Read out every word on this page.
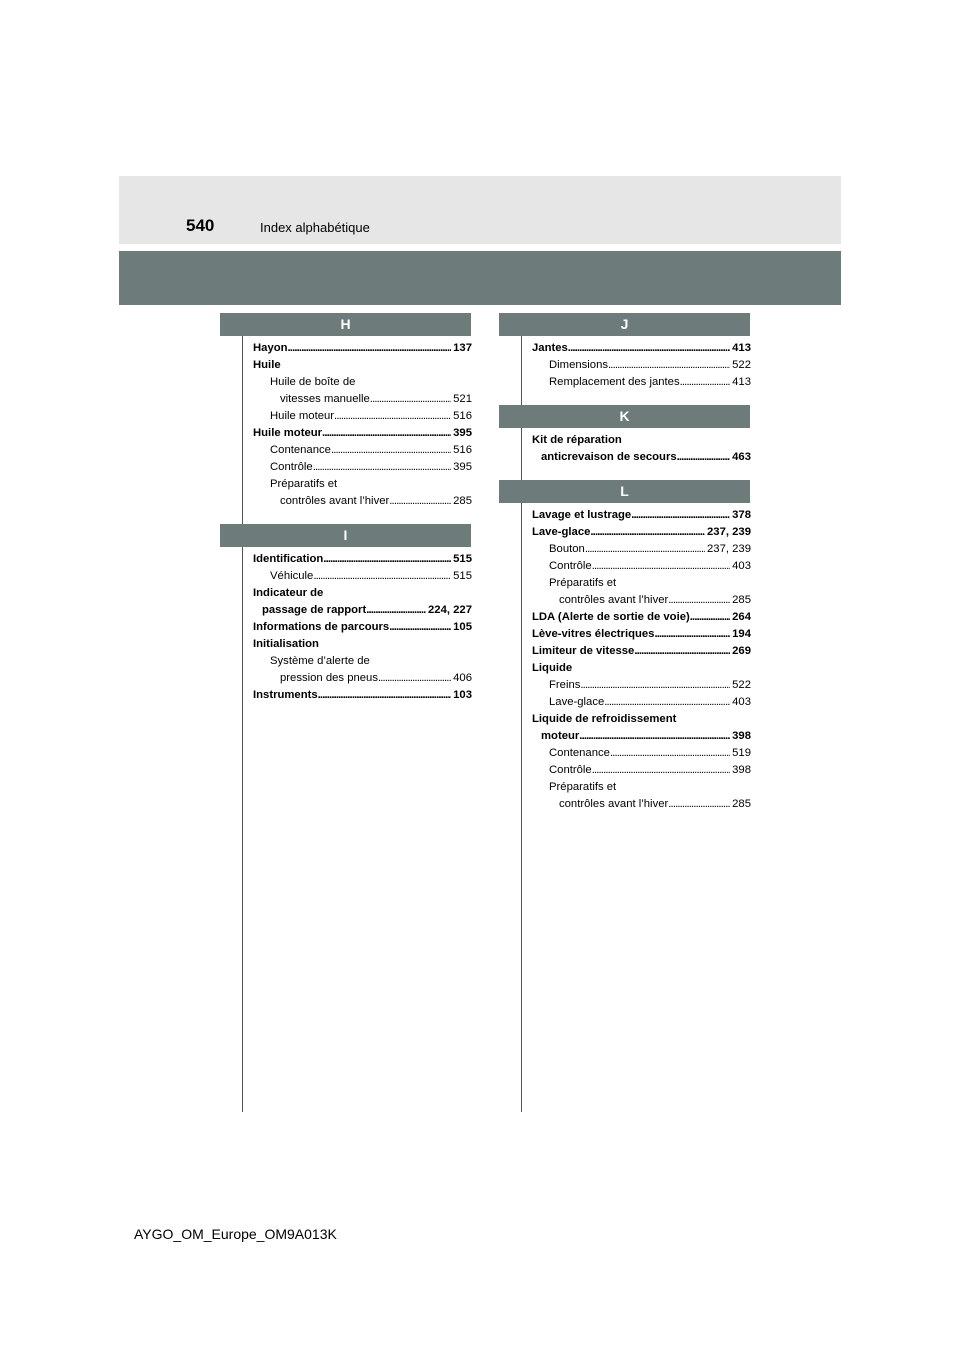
540	Index alphabétique
H
Hayon . . .	137
Huile
Huile de boîte de
vitesses manuelle . . .	521
Huile moteur . . .	516
Huile moteur . . .	395
Contenance . . .	516
Contrôle . . .	395
Préparatifs et
contrôles avant l’hiver . . .	285
I
Identification . . .	515
Véhicule . . .	515
Indicateur de
passage de rapport . . .	224, 227
Informations de parcours . . .	105
Initialisation
Système d’alerte de
pression des pneus . . .	406
Instruments . . .	103
J
Jantes . . .	413
Dimensions . . .	522
Remplacement des jantes . . .	413
K
Kit de réparation
anticrevaison de secours . . .	463
L
Lavage et lustrage . . .	378
Lave-glace . . .	237, 239
Bouton . . .	237, 239
Contrôle . . .	403
Préparatifs et
contrôles avant l’hiver . . .	285
LDA (Alerte de sortie de voie) . . .	264
Lève-vitres électriques . . .	194
Limiteur de vitesse . . .	269
Liquide
Freins . . .	522
Lave-glace . . .	403
Liquide de refroidissement
moteur . . .	398
Contenance . . .	519
Contrôle . . .	398
Préparatifs et
contrôles avant l’hiver . . .	285
AYGO_OM_Europe_OM9A013K
